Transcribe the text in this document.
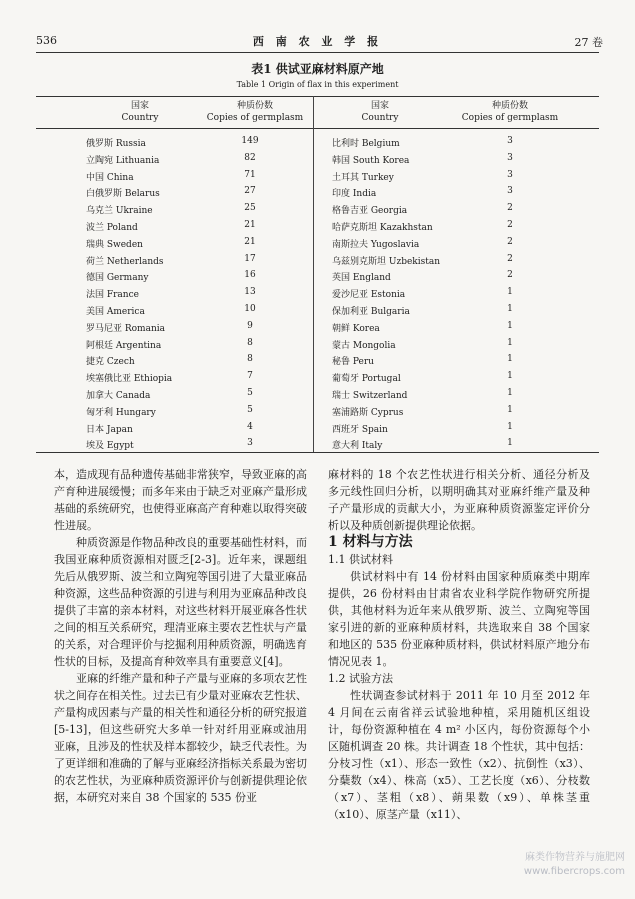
536	西 南 农 业 学 报	27 卷
表1 供试亚麻材料原产地
Table 1 Origin of flax in this experiment
国家
Country
种质份数
Copies of germplasm
国家
Country
种质份数
Copies of germplasm
俄罗斯 Russia	149
立陶宛 Lithuania	82
中国 China	71
白俄罗斯 Belarus	27
乌克兰 Ukraine	25
波兰 Poland	21
瑞典 Sweden	21
荷兰 Netherlands	17
德国 Germany	16
法国 France	13
美国 America	10
罗马尼亚 Romania	9
阿根廷 Argentina	8
捷克 Czech	8
埃塞俄比亚 Ethiopia	7
加拿大 Canada	5
匈牙利 Hungary	5
日本 Japan	4
埃及 Egypt	3
比利时 Belgium	3
韩国 South Korea	3
土耳其 Turkey	3
印度 India	3
格鲁吉亚 Georgia	2
哈萨克斯坦 Kazakhstan	2
南斯拉夫 Yugoslavia	2
乌兹别克斯坦 Uzbekistan	2
英国 England	2
爱沙尼亚 Estonia	1
保加利亚 Bulgaria	1
朝鲜 Korea	1
蒙古 Mongolia	1
秘鲁 Peru	1
葡萄牙 Portugal	1
瑞士 Switzerland	1
塞浦路斯 Cyprus	1
西班牙 Spain	1
意大利 Italy	1

本，造成现有品种遗传基础非常狭窄，导致亚麻的高产育种进展缓慢；而多年来由于缺乏对亚麻产量形成基础的系统研究，也使得亚麻高产育种难以取得突破性进展。

种质资源是作物品种改良的重要基础性材料，而我国亚麻种质资源相对匮乏[2-3]。近年来，课题组先后从俄罗斯、波兰和立陶宛等国引进了大量亚麻品种资源，这些品种资源的引进与利用为亚麻品种改良提供了丰富的亲本材料，对这些材料开展亚麻各性状之间的相互关系研究，理清亚麻主要农艺性状与产量的关系，对合理评价与挖掘利用种质资源，明确选育性状的目标，及提高育种效率具有重要意义[4]。

亚麻的纤维产量和种子产量与亚麻的多项农艺性状之间存在相关性。过去已有少量对亚麻农艺性状、产量构成因素与产量的相关性和通径分析的研究报道[5-13]，但这些研究大多单一针对纤用亚麻或油用亚麻，且涉及的性状及样本都较少，缺乏代表性。为了更详细和准确的了解与亚麻经济指标关系最为密切的农艺性状，为亚麻种质资源评价与创新提供理论依据，本研究对来自 38 个国家的 535 份亚

麻材料的 18 个农艺性状进行相关分析、通径分析及多元线性回归分析，以期明确其对亚麻纤维产量及种子产量形成的贡献大小，为亚麻种质资源鉴定评价分析以及种质创新提供理论依据。

1 材料与方法

1.1 供试材料

供试材料中有 14 份材料由国家种质麻类中期库提供，26 份材料由甘肃省农业科学院作物研究所提供，其他材料为近年来从俄罗斯、波兰、立陶宛等国家引进的新的亚麻种质材料，共选取来自 38 个国家和地区的 535 份亚麻种质材料，供试材料原产地分布情况见表 1。

1.2 试验方法

性状调查参试材料于 2011 年 10 月至 2012 年 4 月间在云南省祥云试验地种植，采用随机区组设计，每份资源种植在 4 m² 小区内，每份资源每个小区随机调查 20 株。共计调查 18 个性状，其中包括：分枝习性（x1）、形态一致性（x2）、抗倒性（x3）、分蘖数（x4）、株高（x5）、工艺长度（x6）、分枝数（x7）、茎粗（x8）、蒴果数（x9）、单株茎重（x10）、原茎产量（x11）、

麻类作物营养与施肥网
www.fibercrops.com
